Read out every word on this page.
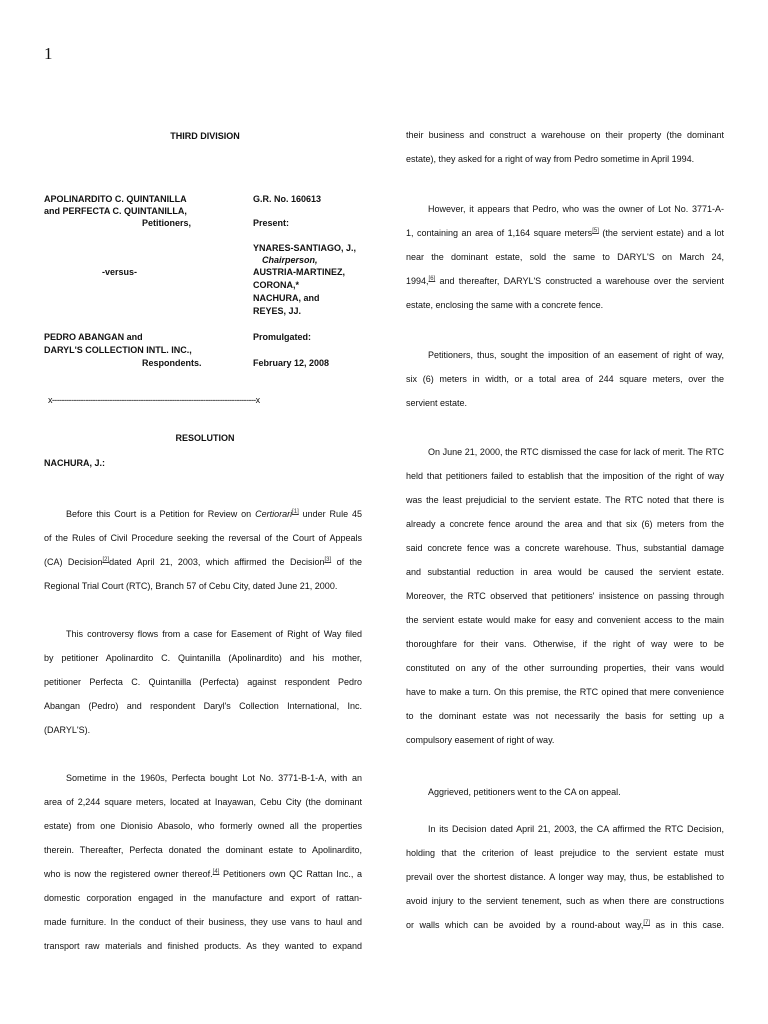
1
THIRD DIVISION
APOLINARDITO C. QUINTANILLA
and PERFECTA C. QUINTANILLA,
Petitioners,
-versus-
PEDRO ABANGAN and
DARYL'S COLLECTION INTL. INC.,
Respondents.
G.R. No. 160613
Present:
YNARES-SANTIAGO, J.,
Chairperson,
AUSTRIA-MARTINEZ,
CORONA,*
NACHURA, and
REYES, JJ.
Promulgated:
February 12, 2008
x-------------------------------------------------------------------------------------x
RESOLUTION
NACHURA, J.:
Before this Court is a Petition for Review on Certiorari[1] under Rule 45
of the Rules of Civil Procedure seeking the reversal of the Court of Appeals
(CA) Decision[2]dated April 21, 2003, which affirmed the Decision[3] of the
Regional Trial Court (RTC), Branch 57 of Cebu City, dated June 21, 2000.
This controversy flows from a case for Easement of Right of Way filed
by petitioner Apolinardito C. Quintanilla (Apolinardito) and his mother,
petitioner Perfecta C. Quintanilla (Perfecta) against respondent Pedro
Abangan (Pedro) and respondent Daryl's Collection International, Inc.
(DARYL'S).
Sometime in the 1960s, Perfecta bought Lot No. 3771-B-1-A, with an
area of 2,244 square meters, located at Inayawan, Cebu City (the dominant
estate) from one Dionisio Abasolo, who formerly owned all the properties
therein. Thereafter, Perfecta donated the dominant estate to Apolinardito,
who is now the registered owner thereof.[4] Petitioners own QC Rattan Inc., a
domestic corporation engaged in the manufacture and export of rattan-
made furniture. In the conduct of their business, they use vans to haul and
transport raw materials and finished products. As they wanted to expand
their business and construct a warehouse on their property (the dominant
estate), they asked for a right of way from Pedro sometime in April 1994.
However, it appears that Pedro, who was the owner of Lot No. 3771-A-
1, containing an area of 1,164 square meters[5] (the servient estate) and a lot
near the dominant estate, sold the same to DARYL'S on March 24,
1994,[6] and thereafter, DARYL'S constructed a warehouse over the servient
estate, enclosing the same with a concrete fence.
Petitioners, thus, sought the imposition of an easement of right of way,
six (6) meters in width, or a total area of 244 square meters, over the
servient estate.
On June 21, 2000, the RTC dismissed the case for lack of merit. The RTC
held that petitioners failed to establish that the imposition of the right of way
was the least prejudicial to the servient estate. The RTC noted that there is
already a concrete fence around the area and that six (6) meters from the
said concrete fence was a concrete warehouse. Thus, substantial damage
and substantial reduction in area would be caused the servient estate.
Moreover, the RTC observed that petitioners' insistence on passing through
the servient estate would make for easy and convenient access to the main
thoroughfare for their vans. Otherwise, if the right of way were to be
constituted on any of the other surrounding properties, their vans would
have to make a turn. On this premise, the RTC opined that mere convenience
to the dominant estate was not necessarily the basis for setting up a
compulsory easement of right of way.
Aggrieved, petitioners went to the CA on appeal.
In its Decision dated April 21, 2003, the CA affirmed the RTC Decision,
holding that the criterion of least prejudice to the servient estate must
prevail over the shortest distance. A longer way may, thus, be established to
avoid injury to the servient tenement, such as when there are constructions
or walls which can be avoided by a round-about way,[7] as in this case.
